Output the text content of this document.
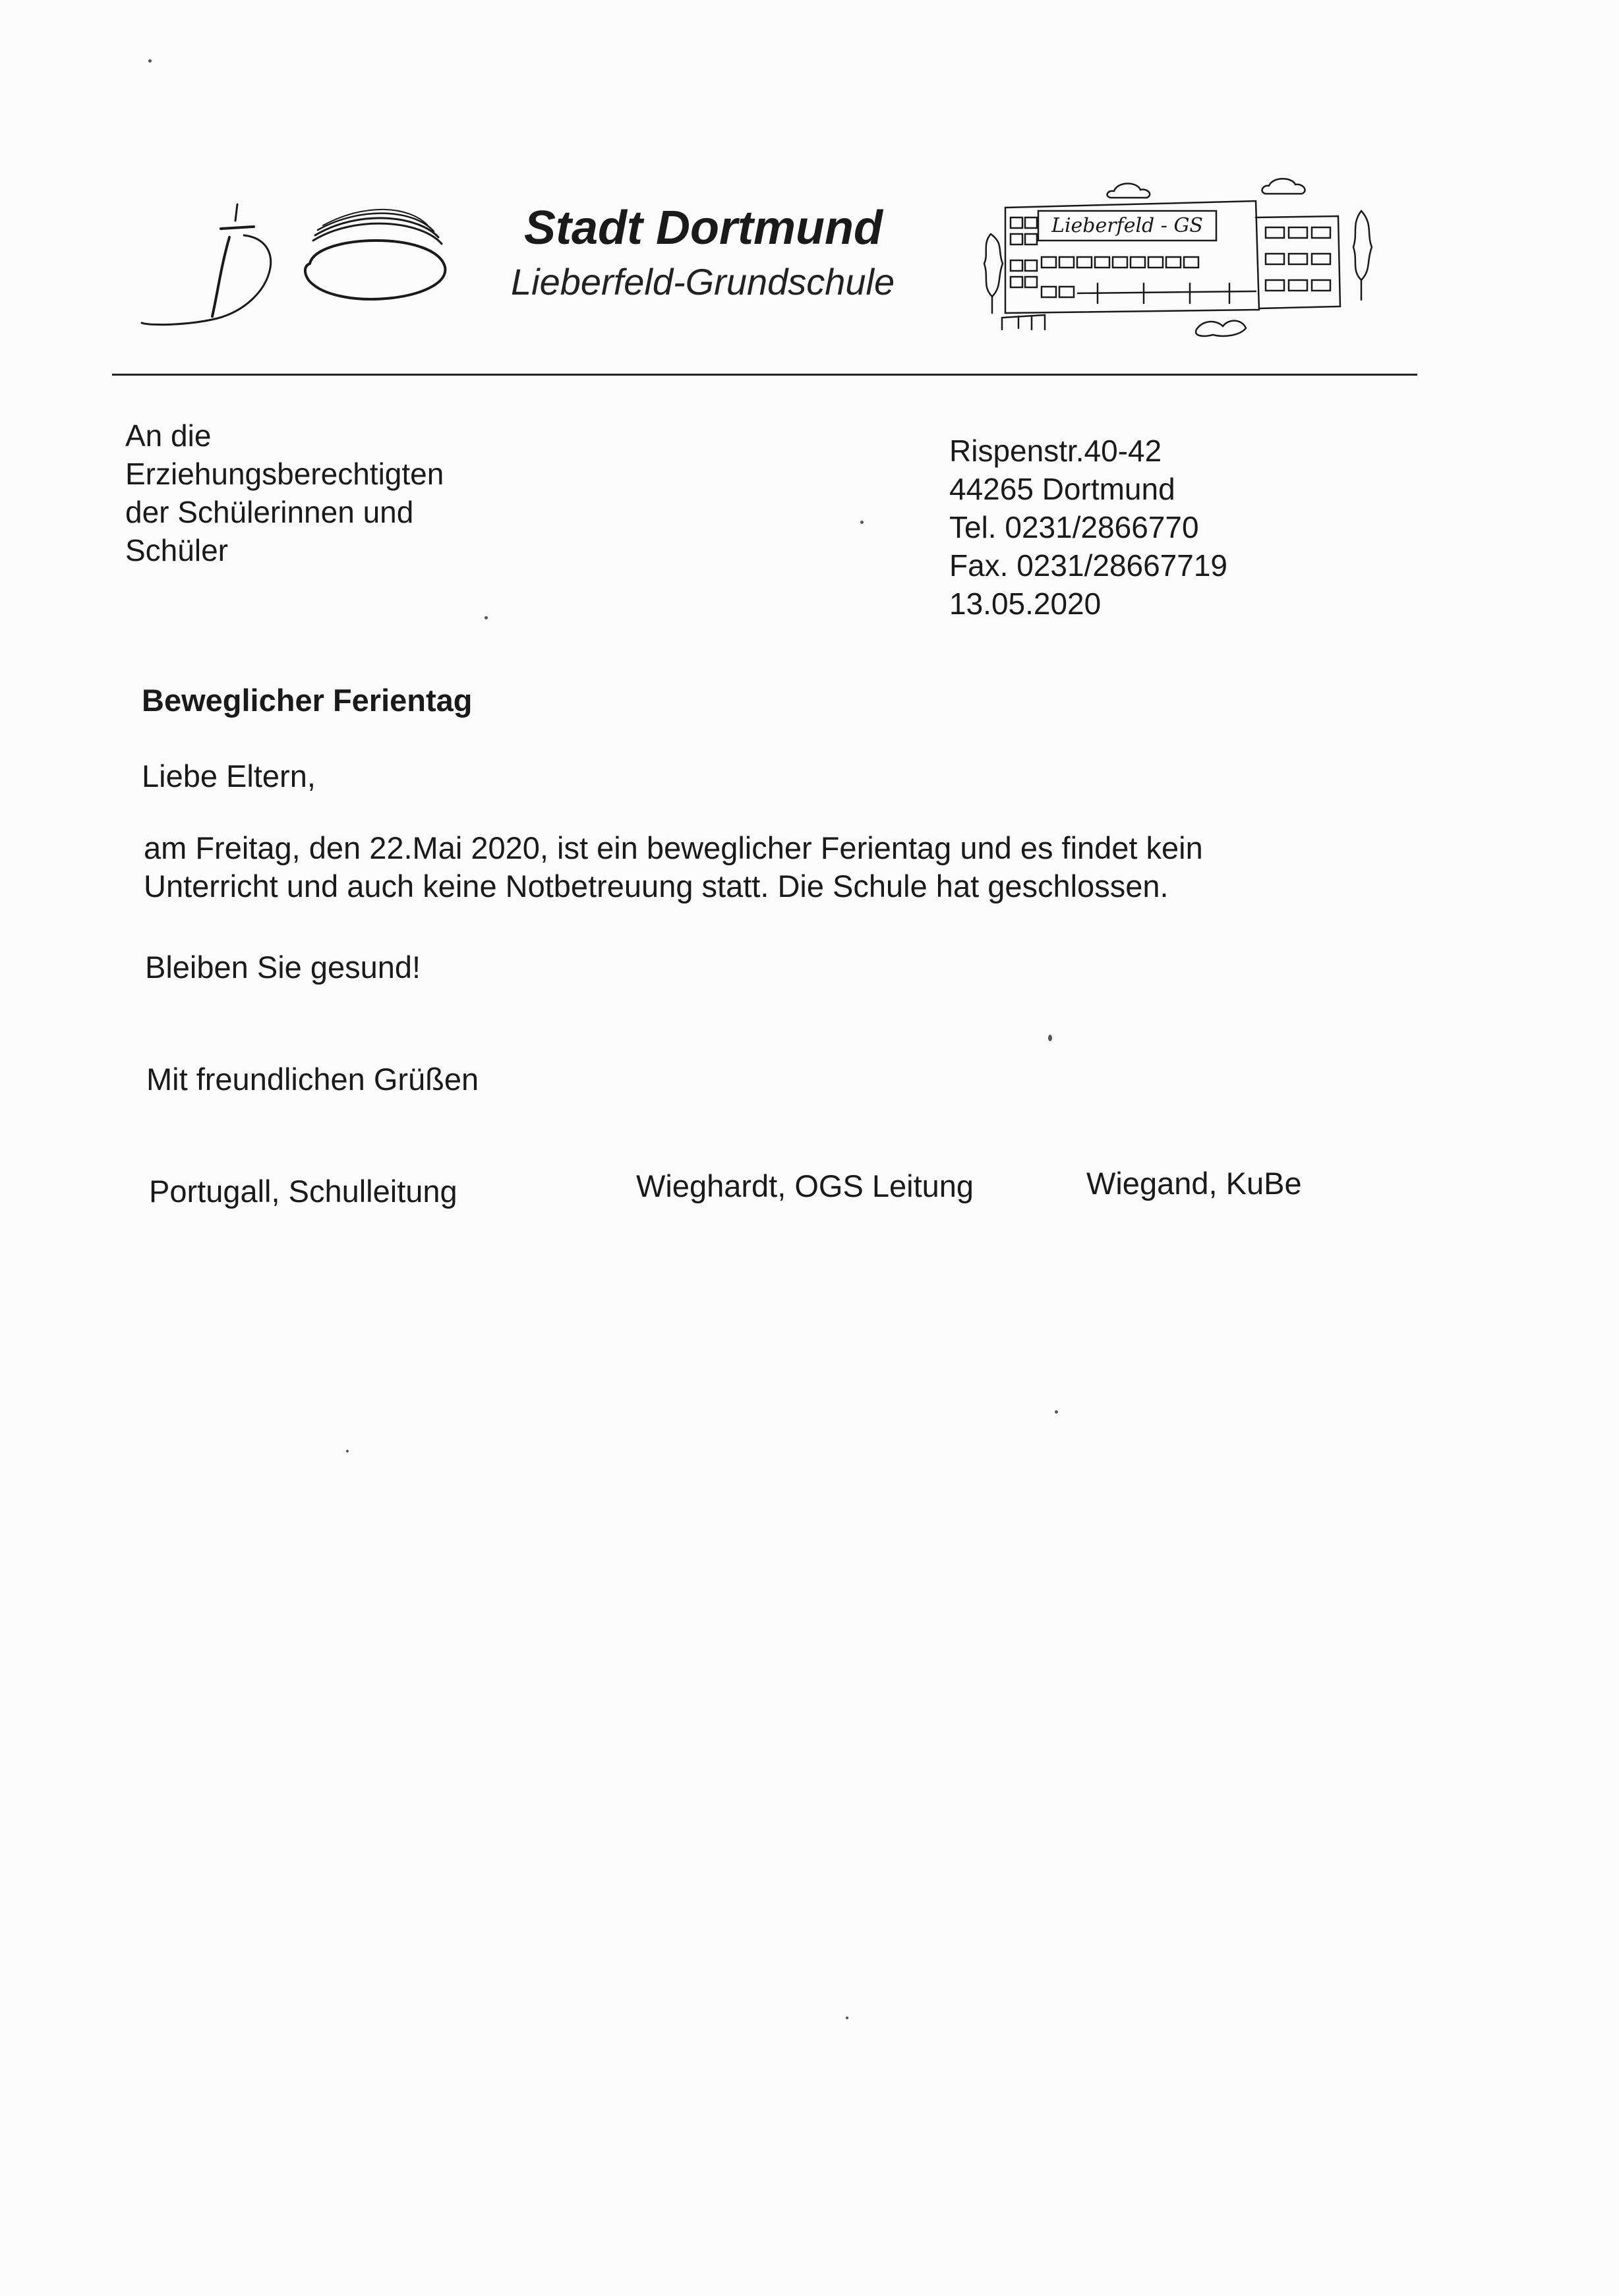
Stadt Dortmund
Lieberfeld-Grundschule
Lieberfeld - GS
An die
Erziehungsberechtigten
der Schülerinnen und
Schüler
Rispenstr.40-42
44265 Dortmund
Tel. 0231/2866770
Fax. 0231/28667719
13.05.2020
Beweglicher Ferientag
Liebe Eltern,
am Freitag, den 22.Mai 2020, ist ein beweglicher Ferientag und es findet kein
Unterricht und auch keine Notbetreuung statt. Die Schule hat geschlossen.
Bleiben Sie gesund!
Mit freundlichen Grüßen
Portugall, Schulleitung	Wieghardt, OGS Leitung	Wiegand, KuBe
